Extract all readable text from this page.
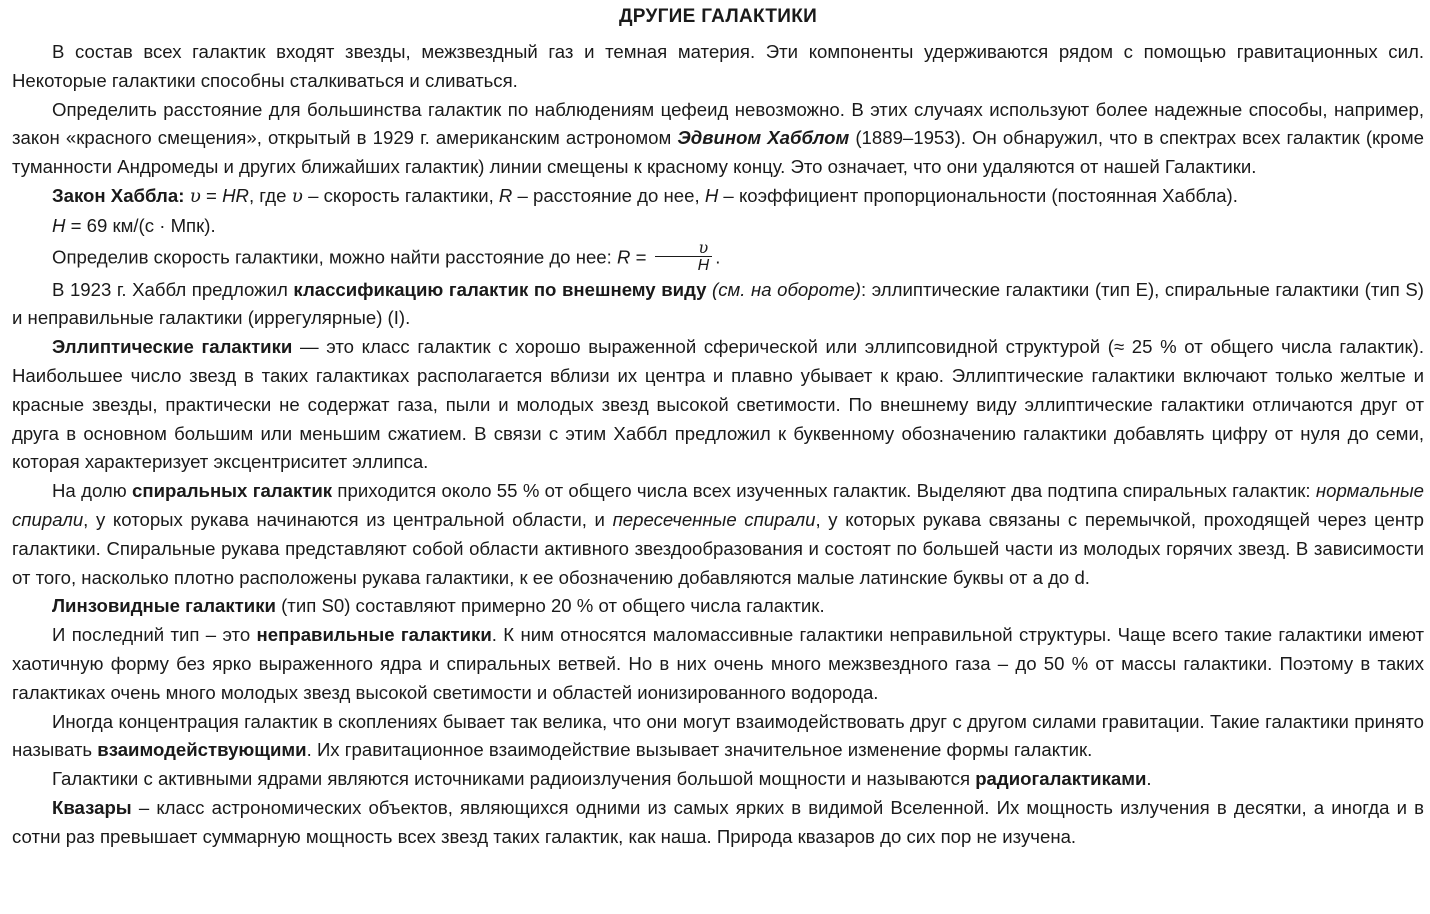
ДРУГИЕ ГАЛАКТИКИ

В состав всех галактик входят звезды, межзвездный газ и темная материя. Эти компоненты удерживаются рядом с помощью гравитационных сил. Некоторые галактики способны сталкиваться и сливаться.

Определить расстояние для большинства галактик по наблюдениям цефеид невозможно. В этих случаях используют более надежные способы, например, закон «красного смещения», открытый в 1929 г. американским астрономом Эдвином Хабблом (1889–1953). Он обнаружил, что в спектрах всех галактик (кроме туманности Андромеды и других ближайших галактик) линии смещены к красному концу. Это означает, что они удаляются от нашей Галактики.

Закон Хаббла: υ = HR, где υ – скорость галактики, R – расстояние до нее, H – коэффициент пропорциональности (постоянная Хаббла).

H = 69 км/(с · Мпк).

Определив скорость галактики, можно найти расстояние до нее: $R = \frac{\upsilon}{H}$ .

В 1923 г. Хаббл предложил классификацию галактик по внешнему виду (см. на обороте): эллиптические галактики (тип E), спиральные галактики (тип S) и неправильные галактики (иррегулярные) (I).

Эллиптические галактики — это класс галактик с хорошо выраженной сферической или эллипсовидной структурой (≈ 25 % от общего числа галактик). Наибольшее число звезд в таких галактиках располагается вблизи их центра и плавно убывает к краю. Эллиптические галактики включают только желтые и красные звезды, практически не содержат газа, пыли и молодых звезд высокой светимости. По внешнему виду эллиптические галактики отличаются друг от друга в основном большим или меньшим сжатием. В связи с этим Хаббл предложил к буквенному обозначению галактики добавлять цифру от нуля до семи, которая характеризует эксцентриситет эллипса.

На долю спиральных галактик приходится около 55 % от общего числа всех изученных галактик. Выделяют два подтипа спиральных галактик: нормальные спирали, у которых рукава начинаются из центральной области, и пересеченные спирали, у которых рукава связаны с перемычкой, проходящей через центр галактики. Спиральные рукава представляют собой области активного звездообразования и состоят по большей части из молодых горячих звезд. В зависимости от того, насколько плотно расположены рукава галактики, к ее обозначению добавляются малые латинские буквы от a до d.

Линзовидные галактики (тип S0) составляют примерно 20 % от общего числа галактик.

И последний тип – это неправильные галактики. К ним относятся маломассивные галактики неправильной структуры. Чаще всего такие галактики имеют хаотичную форму без ярко выраженного ядра и спиральных ветвей. Но в них очень много межзвездного газа – до 50 % от массы галактики. Поэтому в таких галактиках очень много молодых звезд высокой светимости и областей ионизированного водорода.

Иногда концентрация галактик в скоплениях бывает так велика, что они могут взаимодействовать друг с другом силами гравитации. Такие галактики принято называть взаимодействующими. Их гравитационное взаимодействие вызывает значительное изменение формы галактик.

Галактики с активными ядрами являются источниками радиоизлучения большой мощности и называются радиогалактиками.

Квазары – класс астрономических объектов, являющихся одними из самых ярких в видимой Вселенной. Их мощность излучения в десятки, а иногда и в сотни раз превышает суммарную мощность всех звезд таких галактик, как наша. Природа квазаров до сих пор не изучена.
